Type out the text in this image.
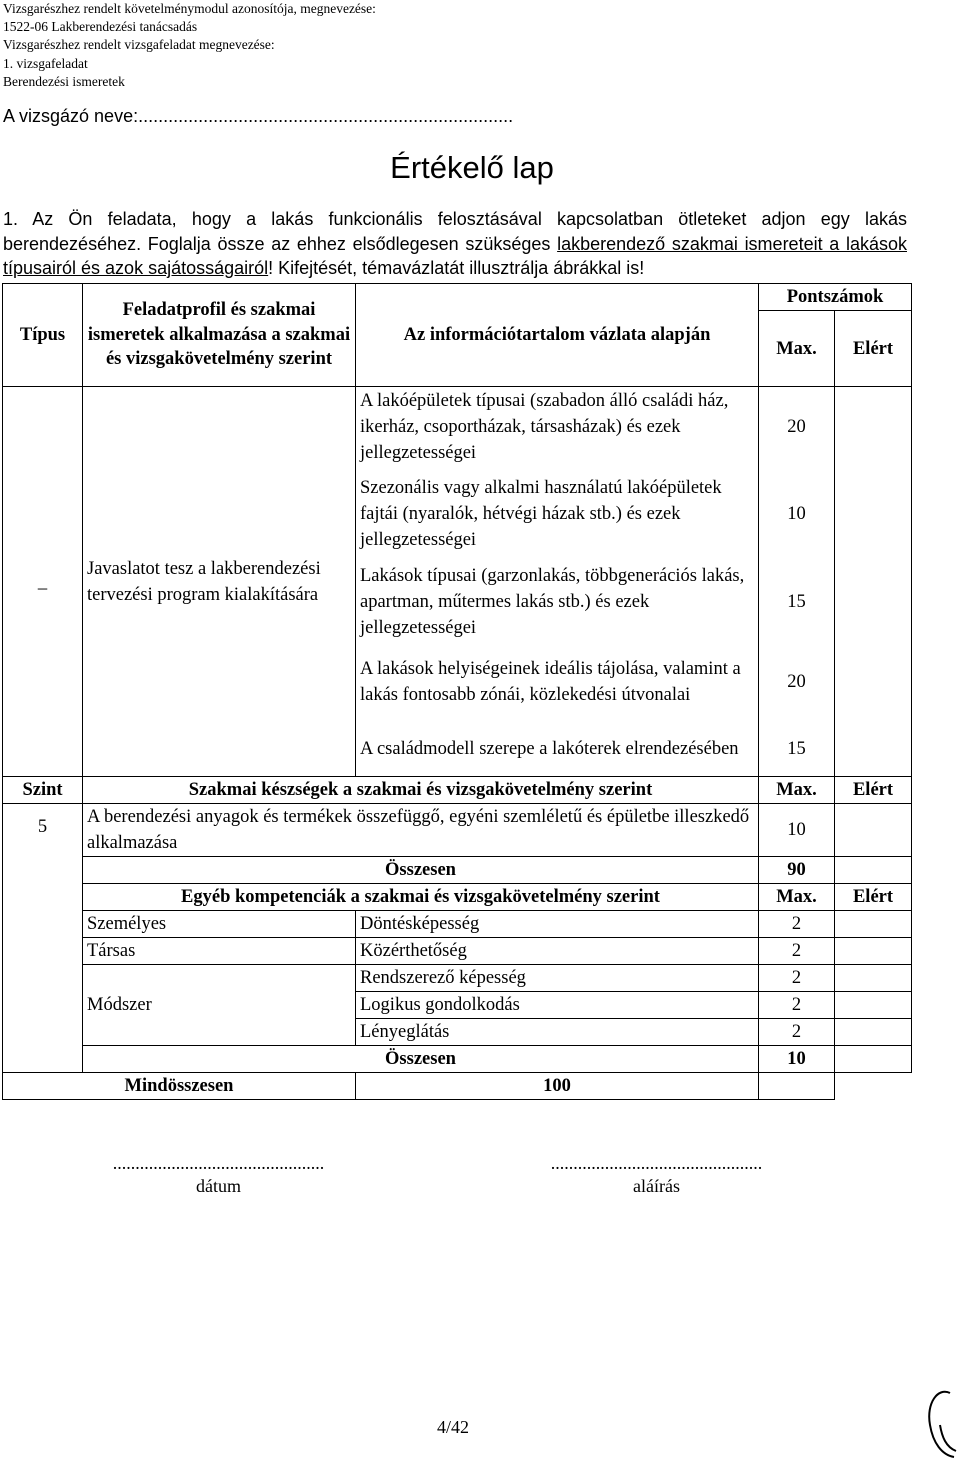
Vizsgarészhez rendelt követelménymodul azonosítója, megnevezése:
1522-06 Lakberendezési tanácsadás
Vizsgarészhez rendelt vizsgafeladat megnevezése:
1. vizsgafeladat
Berendezési ismeretek
A vizsgázó neve:...........................................................................
Értékelő lap
1. Az Ön feladata, hogy a lakás funkcionális felosztásával kapcsolatban ötleteket adjon egy lakás berendezéséhez. Foglalja össze az ehhez elsődlegesen szükséges lakberendező szakmai ismereteit a lakások típusairól és azok sajátosságairól! Kifejtését, témavázlatát illusztrálja ábrákkal is!
Típus	Feladatprofil és szakmai ismeretek alkalmazása a szakmai és vizsgakövetelmény szerint	Az információtartalom vázlata alapján	Pontszámok	
			Max.	Elért
_	Javaslatot tesz a lakberendezési tervezési program kialakítására	A lakóépületek típusai (szabadon álló családi ház, ikerház, csoportházak, társasházak) és ezek jellegzetességei	20	
		Szezonális vagy alkalmi használatú lakóépületek fajtái (nyaralók, hétvégi házak stb.) és ezek jellegzetességei	10	
		Lakások típusai (garzonlakás, többgenerációs lakás, apartman, műtermes lakás stb.) és ezek jellegzetességei	15	
		A lakások helyiségeinek ideális tájolása, valamint a lakás fontosabb zónái, közlekedési útvonalai	20	
		A családmodell szerepe a lakóterek elrendezésében	15	
Szint	Szakmai készségek a szakmai és vizsgakövetelmény szerint		Max.	Elért
5	A berendezési anyagok és termékek összefüggő, egyéni szemléletű és épületbe illeszkedő alkalmazása		10	
	Összesen		90	
	Egyéb kompetenciák a szakmai és vizsgakövetelmény szerint		Max.	Elért
	Személyes	Döntésképesség	2	
	Társas	Közérthetőség	2	
	Módszer	Rendszerező képesség	2	
		Logikus gondolkodás	2	
		Lényeglátás	2	
	Összesen		10	
Mindösszesen		100		
...............................................
dátum
...............................................
aláírás
4/42
